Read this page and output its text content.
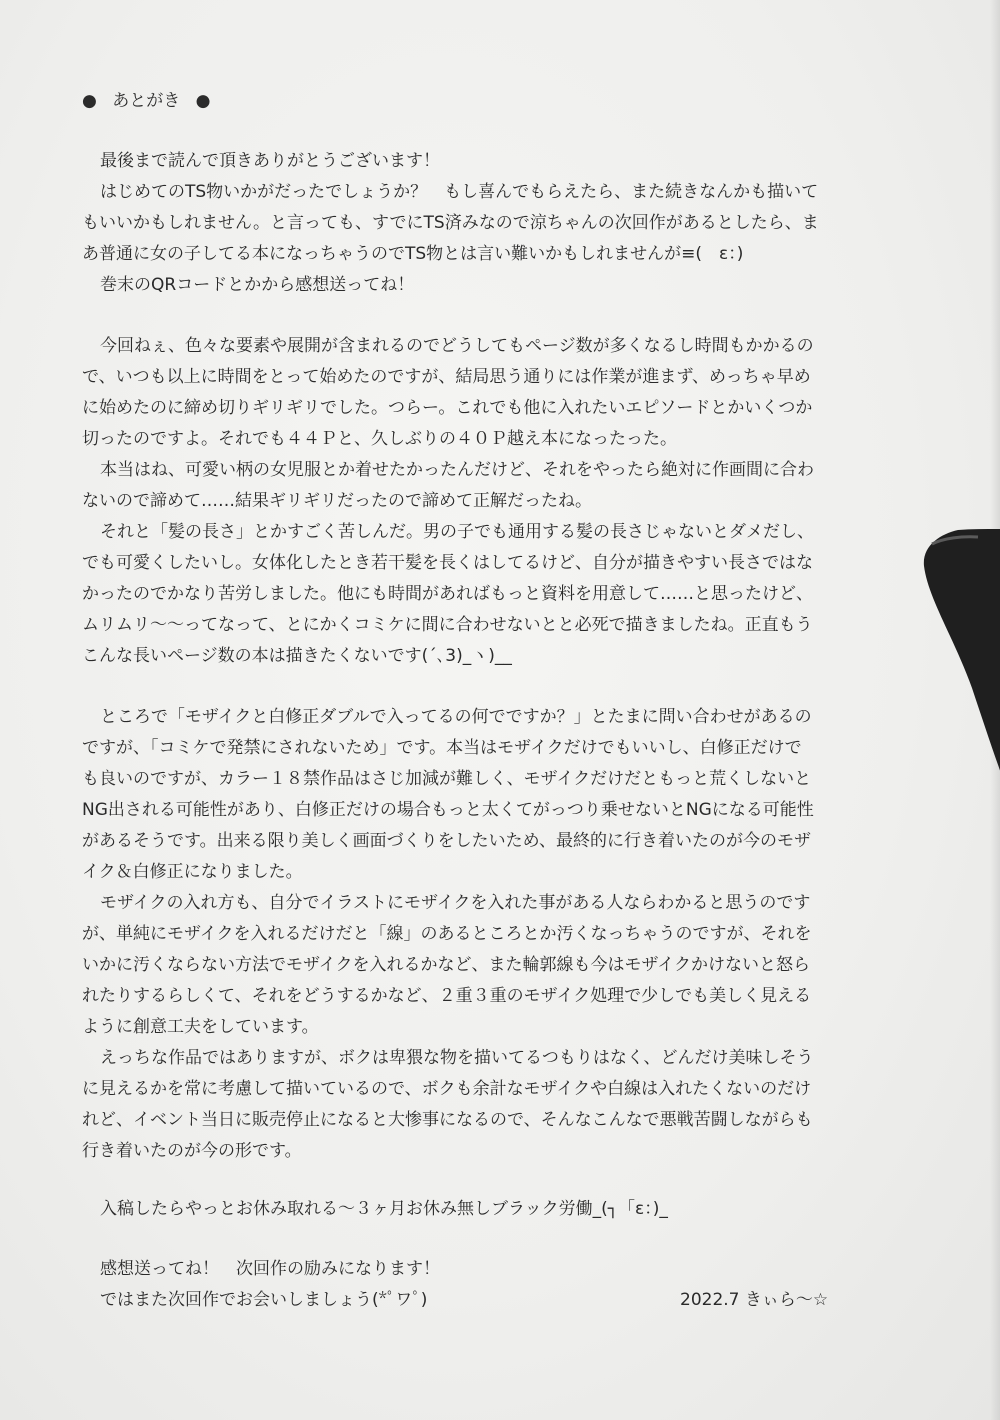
● あとがき ●
最後まで読んで頂きありがとうございます！
はじめてのTS物いかがだったでしょうか？　もし喜んでもらえたら、また続きなんかも描いて
もいいかもしれません。と言っても、すでにTS済みなので涼ちゃんの次回作があるとしたら、ま
あ普通に女の子してる本になっちゃうのでTS物とは言い難いかもしれませんが≡(　ε：)
巻末のQRコードとかから感想送ってね！
今回ねぇ、色々な要素や展開が含まれるのでどうしてもページ数が多くなるし時間もかかるの
で、いつも以上に時間をとって始めたのですが、結局思う通りには作業が進まず、めっちゃ早め
に始めたのに締め切りギリギリでした。つらー。これでも他に入れたいエピソードとかいくつか
切ったのですよ。それでも４４Ｐと、久しぶりの４０Ｐ越え本になったった。
本当はね、可愛い柄の女児服とか着せたかったんだけど、それをやったら絶対に作画間に合わ
ないので諦めて……結果ギリギリだったので諦めて正解だったね。
それと「髪の長さ」とかすごく苦しんだ。男の子でも通用する髪の長さじゃないとダメだし、
でも可愛くしたいし。女体化したとき若干髪を長くはしてるけど、自分が描きやすい長さではな
かったのでかなり苦労しました。他にも時間があればもっと資料を用意して……と思ったけど、
ムリムリ〜〜ってなって、とにかくコミケに間に合わせないとと必死で描きましたね。正直もう
こんな長いページ数の本は描きたくないです(´､3)_ヽ)__
ところで「モザイクと白修正ダブルで入ってるの何でですか？」とたまに問い合わせがあるの
ですが、「コミケで発禁にされないため」です。本当はモザイクだけでもいいし、白修正だけで
も良いのですが、カラー１８禁作品はさじ加減が難しく、モザイクだけだともっと荒くしないと
NG出される可能性があり、白修正だけの場合もっと太くてがっつり乗せないとNGになる可能性
があるそうです。出来る限り美しく画面づくりをしたいため、最終的に行き着いたのが今のモザ
イク＆白修正になりました。
モザイクの入れ方も、自分でイラストにモザイクを入れた事がある人ならわかると思うのです
が、単純にモザイクを入れるだけだと「線」のあるところとか汚くなっちゃうのですが、それを
いかに汚くならない方法でモザイクを入れるかなど、また輪郭線も今はモザイクかけないと怒ら
れたりするらしくて、それをどうするかなど、２重３重のモザイク処理で少しでも美しく見える
ように創意工夫をしています。
えっちな作品ではありますが、ボクは卑猥な物を描いてるつもりはなく、どんだけ美味しそう
に見えるかを常に考慮して描いているので、ボクも余計なモザイクや白線は入れたくないのだけ
れど、イベント当日に販売停止になると大惨事になるので、そんなこんなで悪戦苦闘しながらも
行き着いたのが今の形です。
入稿したらやっとお休み取れる〜３ヶ月お休み無しブラック労働_(┐「ε：)_
感想送ってね！　次回作の励みになります！
ではまた次回作でお会いしましょう(*ﾟワﾟ)	2022.7 きぃら〜☆
